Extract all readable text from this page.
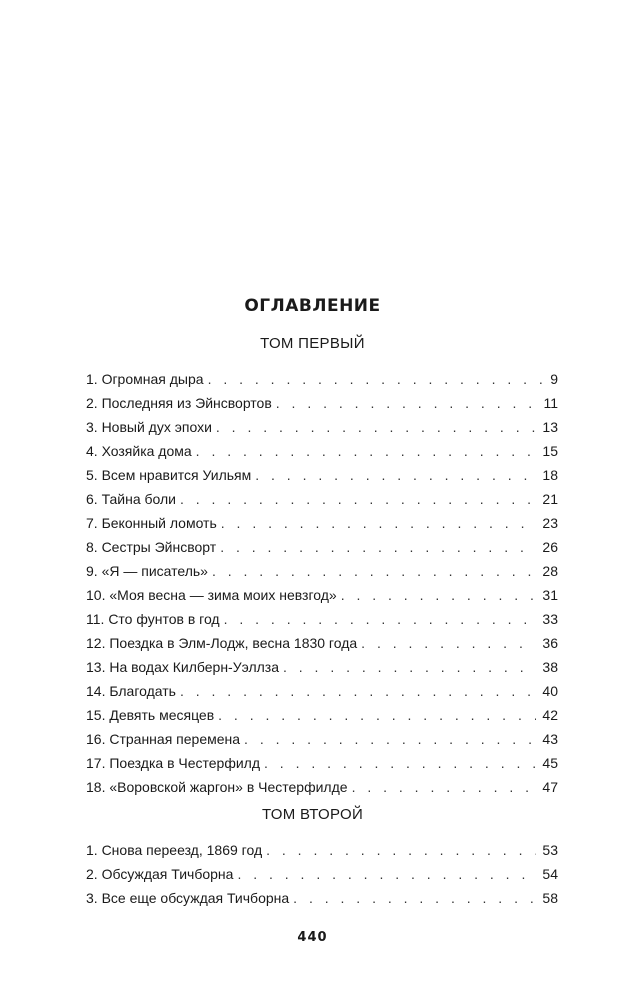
ОГЛАВЛЕНИЕ
ТОМ ПЕРВЫЙ
1. Огромная дыра . . .	9
2. Последняя из Эйнсвортов . . .	11
3. Новый дух эпохи . . .	13
4. Хозяйка дома . . .	15
5. Всем нравится Уильям . . .	18
6. Тайна боли . . .	21
7. Беконный ломоть . . .	23
8. Сестры Эйнсворт . . .	26
9. «Я — писатель» . . .	28
10. «Моя весна — зима моих невзгод» . . .	31
11. Сто фунтов в год . . .	33
12. Поездка в Элм-Лодж, весна 1830 года . . .	36
13. На водах Килберн-Уэллза . . .	38
14. Благодать . . .	40
15. Девять месяцев . . .	42
16. Странная перемена . . .	43
17. Поездка в Честерфилд . . .	45
18. «Воровской жаргон» в Честерфилде . . .	47
ТОМ ВТОРОЙ
1. Снова переезд, 1869 год . . .	53
2. Обсуждая Тичборна . . .	54
3. Все еще обсуждая Тичборна . . .	58
440
